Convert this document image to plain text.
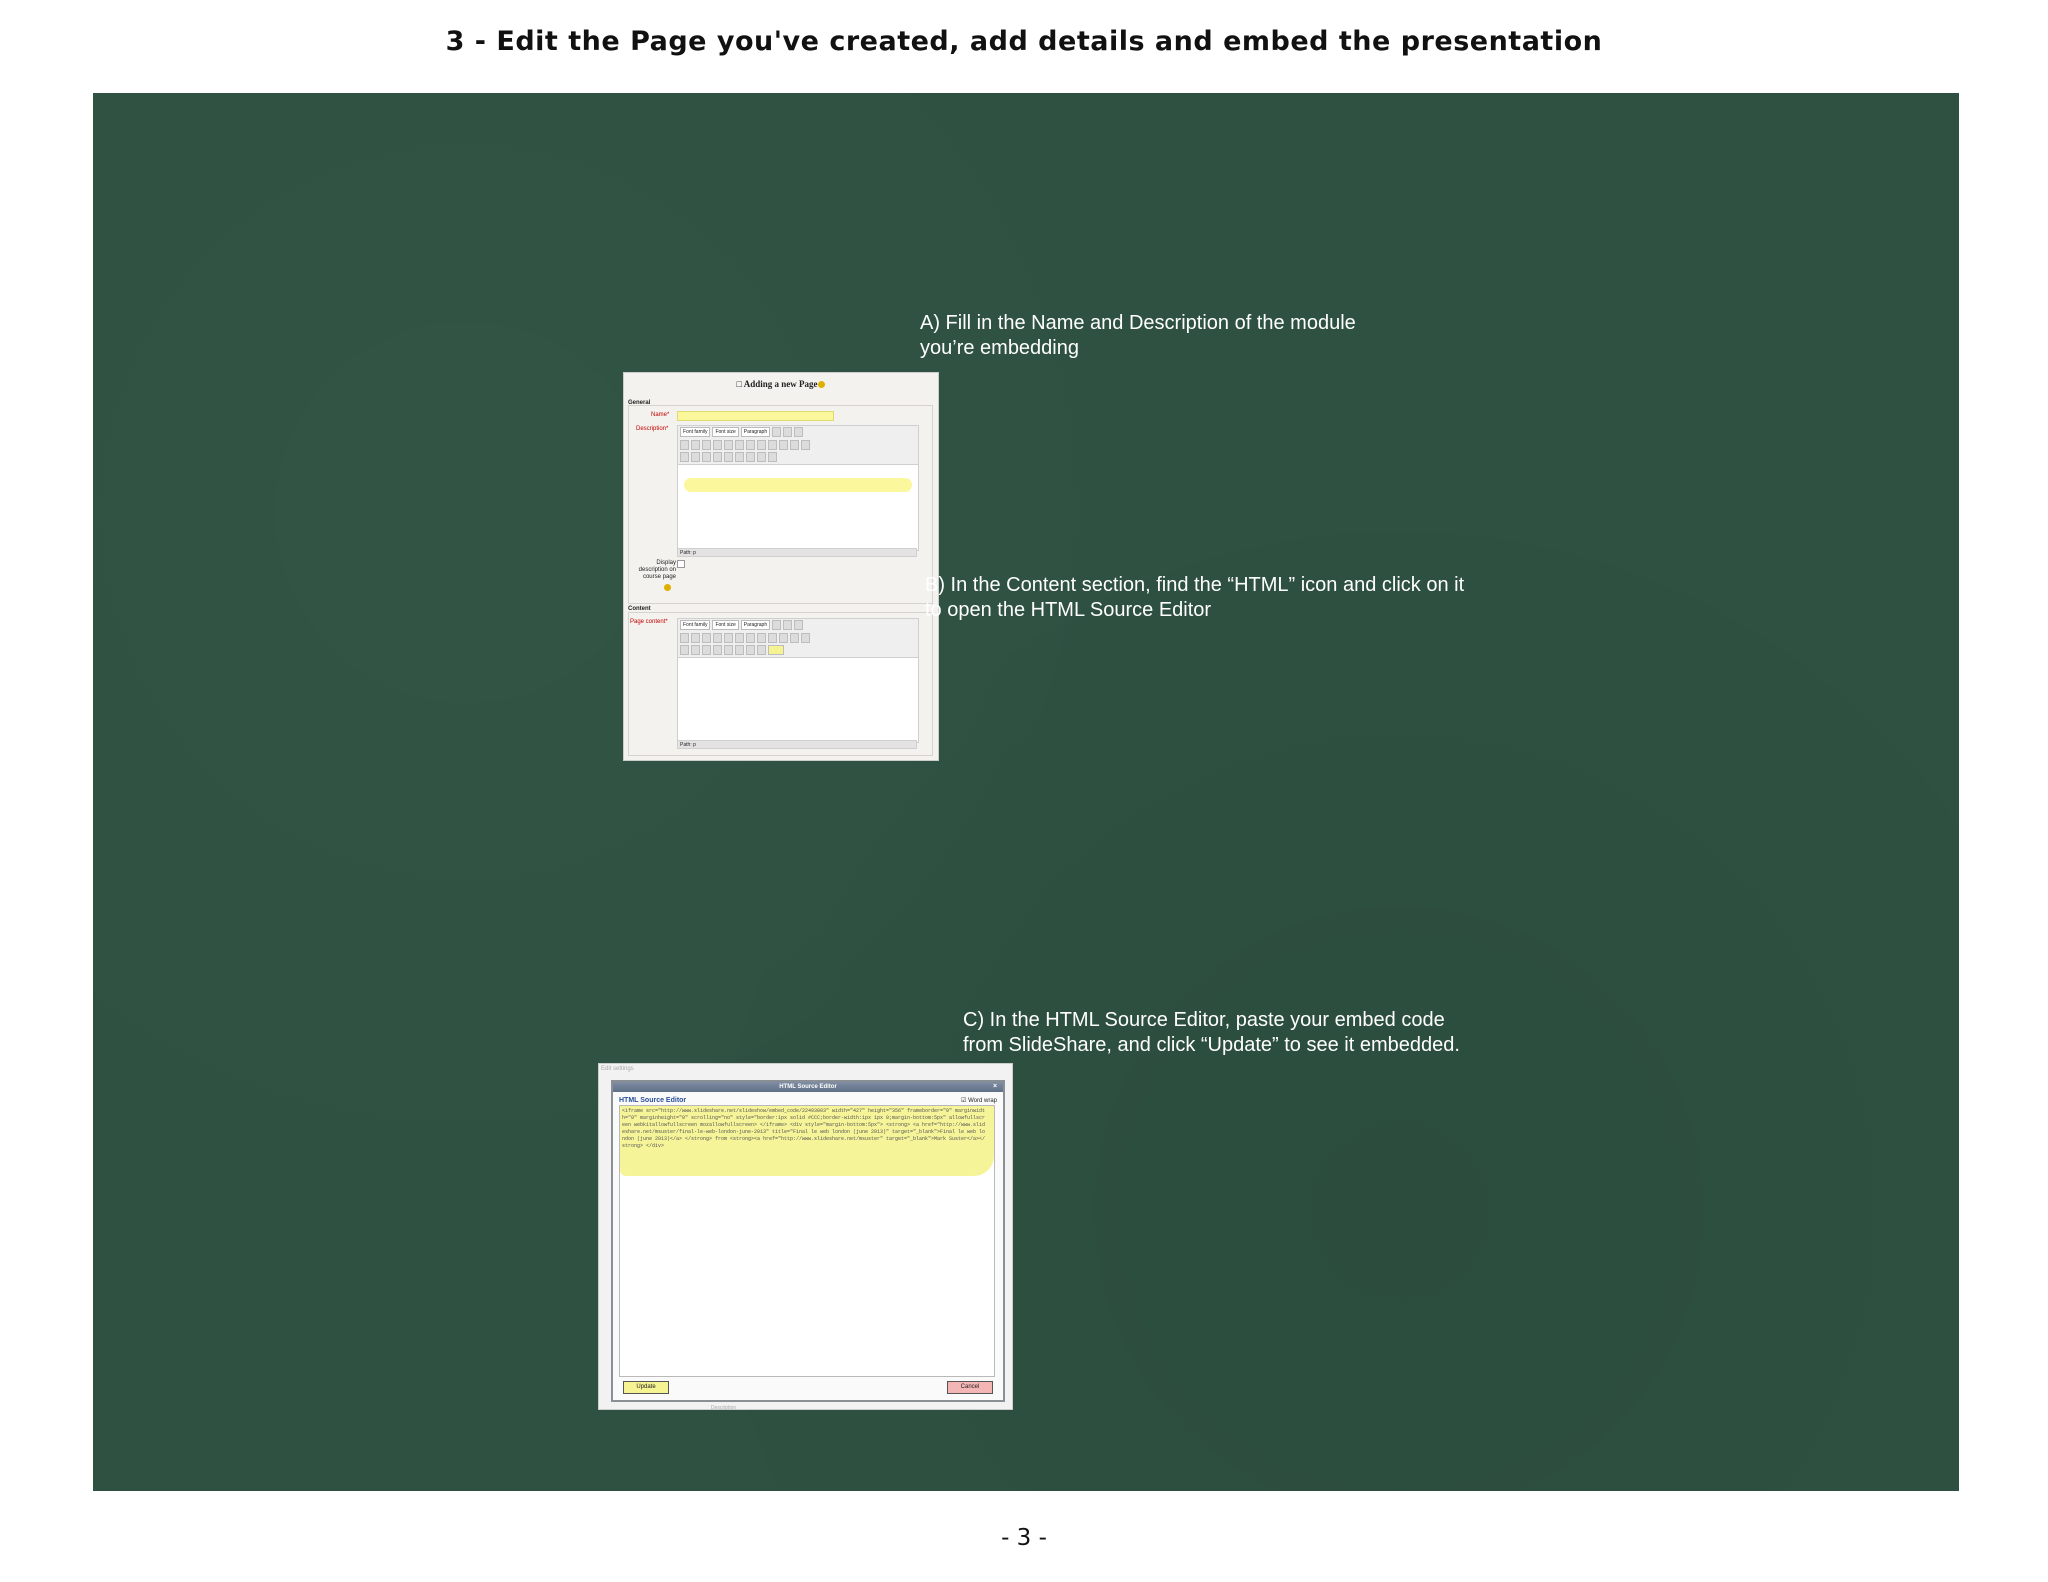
3 - Edit the Page you've created, add details and embed the presentation
□ Adding a new Page
General
Name*
Description*	Font family	Font size	Paragraph
Path: p
Display description on course page
Content
Page content*	Font family	Font size	Paragraph
Path: p
A) Fill in the Name and Description of the module
you’re embedding
B) In the Content section, find the “HTML” icon and click on it
to open the HTML Source Editor
Edit settings
HTML Source Editor	×
HTML Source Editor	☑ Word wrap
<iframe src="http://www.slideshare.net/slideshow/embed_code/22493003" width="427" height="356" frameborder="0" marginwidth="0" marginheight="0" scrolling="no" style="border:1px solid #CCC;border-width:1px 1px 0;margin-bottom:5px" allowfullscreen webkitallowfullscreen mozallowfullscreen> </iframe> <div style="margin-bottom:5px"> <strong> <a href="http://www.slideshare.net/msuster/final-le-web-london-june-2013" title="Final le web london (june 2013)" target="_blank">Final le web london (june 2013)</a> </strong> from <strong><a href="http://www.slideshare.net/msuster" target="_blank">Mark Suster</a></strong> </div>
Update	Cancel
Description
C) In the HTML Source Editor, paste your embed code
from SlideShare, and click “Update” to see it embedded.
- 3 -
